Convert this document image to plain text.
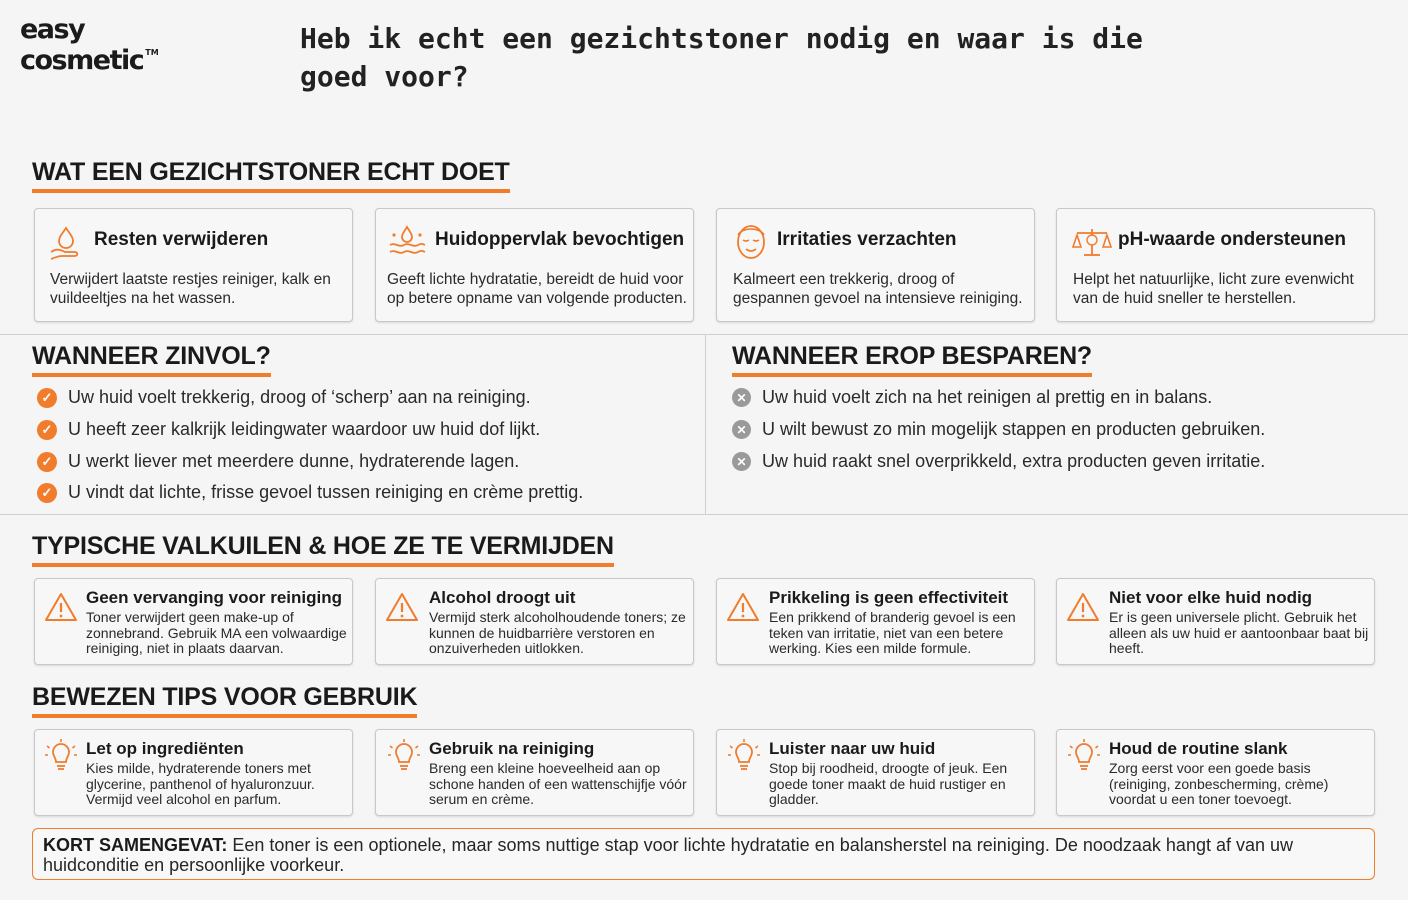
easy
cosmetic ™	Heb ik echt een gezichtstoner nodig en waar is die goed voor?
WAT EEN GEZICHTSTONER ECHT DOET
Resten verwijderen
Verwijdert laatste restjes reiniger, kalk en vuildeeltjes na het wassen.
Huidoppervlak bevochtigen
Geeft lichte hydratatie, bereidt de huid voor op betere opname van volgende producten.
Irritaties verzachten
Kalmeert een trekkerig, droog of gespannen gevoel na intensieve reiniging.
pH-waarde ondersteunen
Helpt het natuurlijke, licht zure evenwicht van de huid sneller te herstellen.
WANNEER ZINVOL?
✓ Uw huid voelt trekkerig, droog of ‘scherp’ aan na reiniging.
✓ U heeft zeer kalkrijk leidingwater waardoor uw huid dof lijkt.
✓ U werkt liever met meerdere dunne, hydraterende lagen.
✓ U vindt dat lichte, frisse gevoel tussen reiniging en crème prettig.
WANNEER EROP BESPAREN?
✕ Uw huid voelt zich na het reinigen al prettig en in balans.
✕ U wilt bewust zo min mogelijk stappen en producten gebruiken.
✕ Uw huid raakt snel overprikkeld, extra producten geven irritatie.
TYPISCHE VALKUILEN & HOE ZE TE VERMIJDEN
Geen vervanging voor reiniging
Toner verwijdert geen make-up of zonnebrand. Gebruik MA een volwaardige reiniging, niet in plaats daarvan.
Alcohol droogt uit
Vermijd sterk alcoholhoudende toners; ze kunnen de huidbarrière verstoren en onzuiverheden uitlokken.
Prikkeling is geen effectiviteit
Een prikkend of branderig gevoel is een teken van irritatie, niet van een betere werking. Kies een milde formule.
Niet voor elke huid nodig
Er is geen universele plicht. Gebruik het alleen als uw huid er aantoonbaar baat bij heeft.
BEWEZEN TIPS VOOR GEBRUIK
Let op ingrediënten
Kies milde, hydraterende toners met glycerine, panthenol of hyaluronzuur. Vermijd veel alcohol en parfum.
Gebruik na reiniging
Breng een kleine hoeveelheid aan op schone handen of een wattenschijfje vóór serum en crème.
Luister naar uw huid
Stop bij roodheid, droogte of jeuk. Een goede toner maakt de huid rustiger en gladder.
Houd de routine slank
Zorg eerst voor een goede basis (reiniging, zonbescherming, crème) voordat u een toner toevoegt.
KORT SAMENGEVAT: Een toner is een optionele, maar soms nuttige stap voor lichte hydratatie en balansherstel na reiniging. De noodzaak hangt af van uw huidconditie en persoonlijke voorkeur.
